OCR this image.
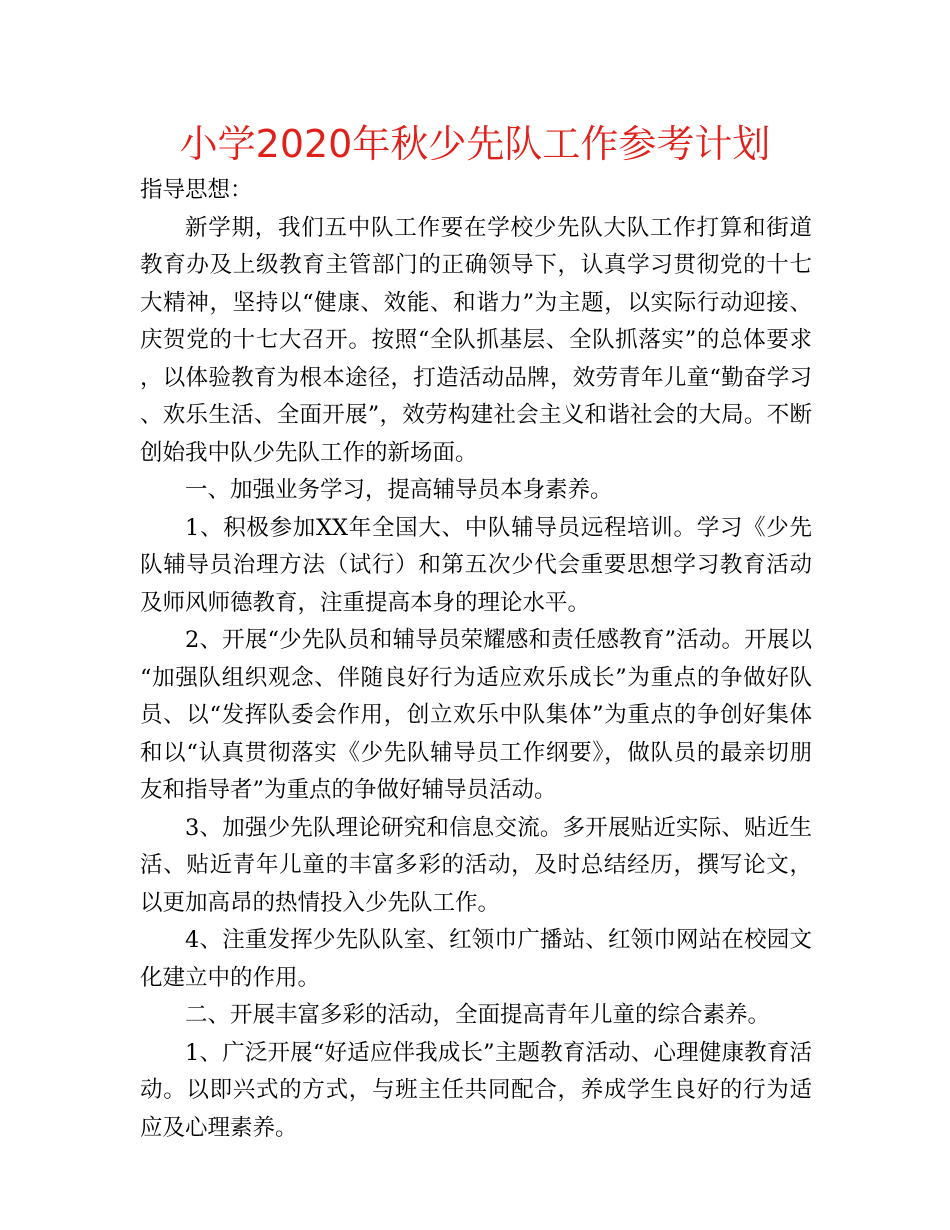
小学2020年秋少先队工作参考计划

指导思想：

新学期，我们五中队工作要在学校少先队大队工作打算和街道教育办及上级教育主管部门的正确领导下，认真学习贯彻党的十七大精神，坚持以“健康、效能、和谐力”为主题，以实际行动迎接、庆贺党的十七大召开。按照“全队抓基层、全队抓落实”的总体要求，以体验教育为根本途径，打造活动品牌，效劳青年儿童“勤奋学习、欢乐生活、全面开展”，效劳构建社会主义和谐社会的大局。不断创始我中队少先队工作的新场面。

一、加强业务学习，提高辅导员本身素养。

1、积极参加XX年全国大、中队辅导员远程培训。学习《少先队辅导员治理方法（试行）和第五次少代会重要思想学习教育活动及师风师德教育，注重提高本身的理论水平。

2、开展“少先队员和辅导员荣耀感和责任感教育”活动。开展以“加强队组织观念、伴随良好行为适应欢乐成长”为重点的争做好队员、以“发挥队委会作用，创立欢乐中队集体”为重点的争创好集体和以“认真贯彻落实《少先队辅导员工作纲要》，做队员的最亲切朋友和指导者”为重点的争做好辅导员活动。

3、加强少先队理论研究和信息交流。多开展贴近实际、贴近生活、贴近青年儿童的丰富多彩的活动，及时总结经历，撰写论文，以更加高昂的热情投入少先队工作。

4、注重发挥少先队队室、红领巾广播站、红领巾网站在校园文化建立中的作用。

二、开展丰富多彩的活动，全面提高青年儿童的综合素养。

1、广泛开展“好适应伴我成长”主题教育活动、心理健康教育活动。以即兴式的方式，与班主任共同配合，养成学生良好的行为适应及心理素养。
